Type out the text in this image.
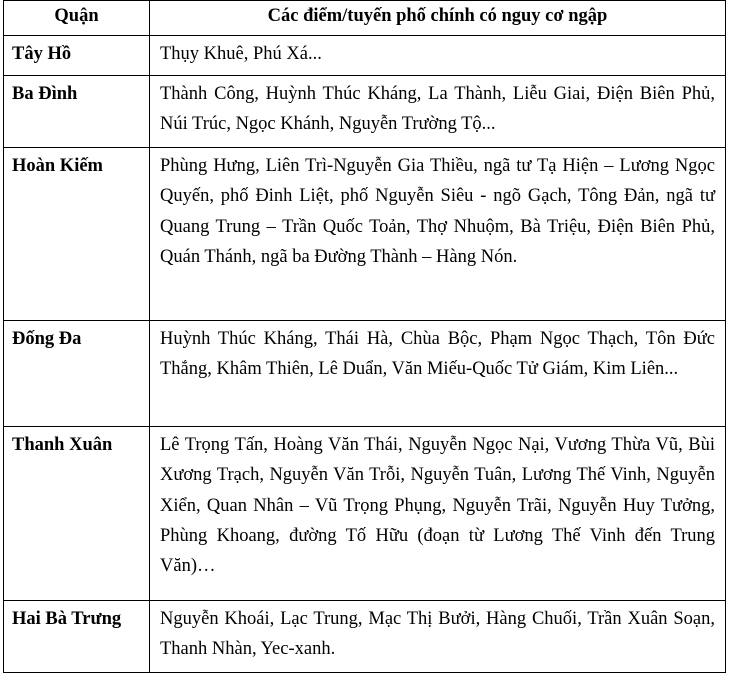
Quận	Các điểm/tuyến phố chính có nguy cơ ngập
Tây Hồ	Thụy Khuê, Phú Xá...
Ba Đình	Thành Công, Huỳnh Thúc Kháng, La Thành, Liễu Giai, Điện Biên Phủ, Núi Trúc, Ngọc Khánh, Nguyễn Trường Tộ...
Hoàn Kiếm	Phùng Hưng, Liên Trì-Nguyễn Gia Thiều, ngã tư Tạ Hiện – Lương Ngọc Quyến, phố Đinh Liệt, phố Nguyễn Siêu - ngõ Gạch, Tông Đản, ngã tư Quang Trung – Trần Quốc Toản, Thợ Nhuộm, Bà Triệu, Điện Biên Phủ, Quán Thánh, ngã ba Đường Thành – Hàng Nón.
Đống Đa	Huỳnh Thúc Kháng, Thái Hà, Chùa Bộc, Phạm Ngọc Thạch, Tôn Đức Thắng, Khâm Thiên, Lê Duẩn, Văn Miếu-Quốc Tử Giám, Kim Liên...
Thanh Xuân	Lê Trọng Tấn, Hoàng Văn Thái, Nguyễn Ngọc Nại, Vương Thừa Vũ, Bùi Xương Trạch, Nguyễn Văn Trỗi, Nguyễn Tuân, Lương Thế Vinh, Nguyễn Xiển, Quan Nhân – Vũ Trọng Phụng, Nguyễn Trãi, Nguyễn Huy Tưởng, Phùng Khoang, đường Tố Hữu (đoạn từ Lương Thế Vinh đến Trung Văn)…
Hai Bà Trưng	Nguyễn Khoái, Lạc Trung, Mạc Thị Bưởi, Hàng Chuối, Trần Xuân Soạn, Thanh Nhàn, Yec-xanh.
